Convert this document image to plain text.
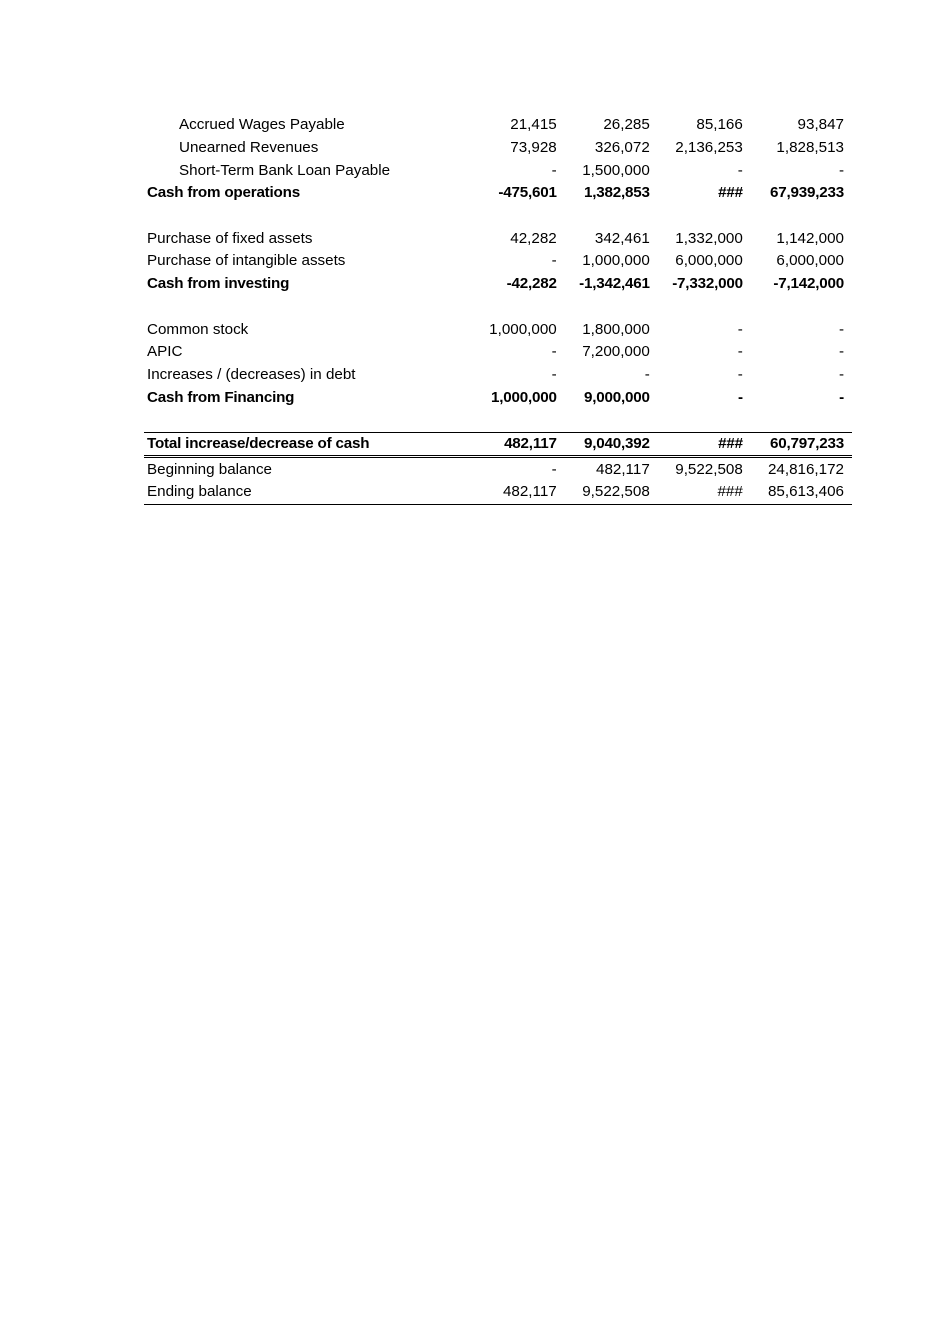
Accrued Wages Payable	21,415	26,285	85,166	93,847
Unearned Revenues	73,928	326,072	2,136,253	1,828,513
Short-Term Bank Loan Payable	-	1,500,000	-	-
Cash from operations	-475,601	1,382,853	###	67,939,233

Purchase of fixed assets	42,282	342,461	1,332,000	1,142,000
Purchase of intangible assets	-	1,000,000	6,000,000	6,000,000
Cash from investing	-42,282	-1,342,461	-7,332,000	-7,142,000

Common stock	1,000,000	1,800,000	-	-
APIC	-	7,200,000	-	-
Increases / (decreases) in debt	-	-	-	-
Cash from Financing	1,000,000	9,000,000	-	-

Total increase/decrease of cash	482,117	9,040,392	###	60,797,233
Beginning balance	-	482,117	9,522,508	24,816,172
Ending balance	482,117	9,522,508	###	85,613,406
